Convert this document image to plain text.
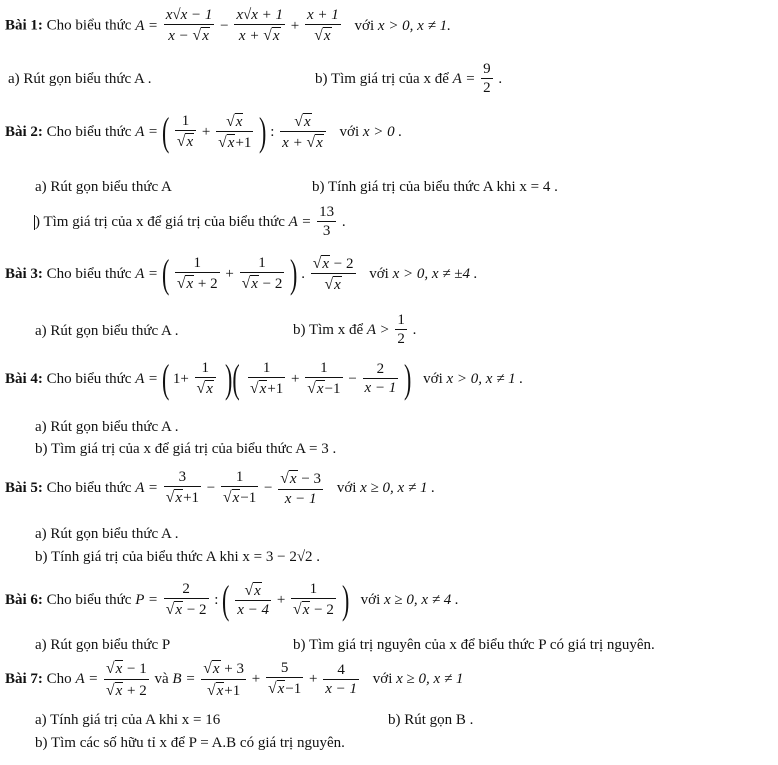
Bài 1: Cho biểu thức $A = \frac{x√x - 1}{x - √x} - \frac{x√x + 1}{x + √x} + \frac{x + 1}{√x}$ với x > 0, x ≠ 1.
a) Rút gọn biểu thức A .	b) Tìm giá trị của x để $A = \frac{9}{2}$ .
Bài 2: Cho biểu thức A = ( $\frac{1}{√x} + \frac{√x}{√x+1}$ ) : $\frac{√x}{x + √x}$ với x > 0 .
a) Rút gọn biểu thức A	b) Tính giá trị của biểu thức A khi x = 4 .
) Tìm giá trị của x để giá trị của biểu thức $A = \frac{13}{3}$ .
Bài 3: Cho biểu thức A = ( $\frac{1}{√x + 2} + \frac{1}{√x - 2}$ ) . $\frac{√x - 2}{√x}$ với x > 0, x ≠ ±4 .
a) Rút gọn biểu thức A .	b) Tìm x để $A > \frac{1}{2}$ .
Bài 4: Cho biểu thức A = ( $1+ \frac{1}{√x}$ )( $\frac{1}{√x+1} + \frac{1}{√x-1} - \frac{2}{x - 1}$ ) với x > 0, x ≠ 1 .
a) Rút gọn biểu thức A .
b) Tìm giá trị của x để giá trị của biểu thức A = 3 .
Bài 5: Cho biểu thức $A = \frac{3}{√x+1} - \frac{1}{√x-1} - \frac{√x - 3}{x - 1}$ với x ≥ 0, x ≠ 1 .
a) Rút gọn biểu thức A .
b) Tính giá trị của biểu thức A khi x = 3 − 2√2 .
Bài 6: Cho biểu thức $P = \frac{2}{√x - 2}$ : ( $\frac{√x}{x - 4} + \frac{1}{√x - 2}$ ) với x ≥ 0, x ≠ 4 .
a) Rút gọn biểu thức P	b) Tìm giá trị nguyên của x để biểu thức P có giá trị nguyên.
Bài 7: Cho $A = \frac{√x - 1}{√x + 2}$ và $B = \frac{√x + 3}{√x+1} + \frac{5}{√x-1} + \frac{4}{x - 1}$ với x ≥ 0, x ≠ 1
a) Tính giá trị của A khi x = 16	b) Rút gọn B .
b) Tìm các số hữu tỉ x để P = A.B có giá trị nguyên.
